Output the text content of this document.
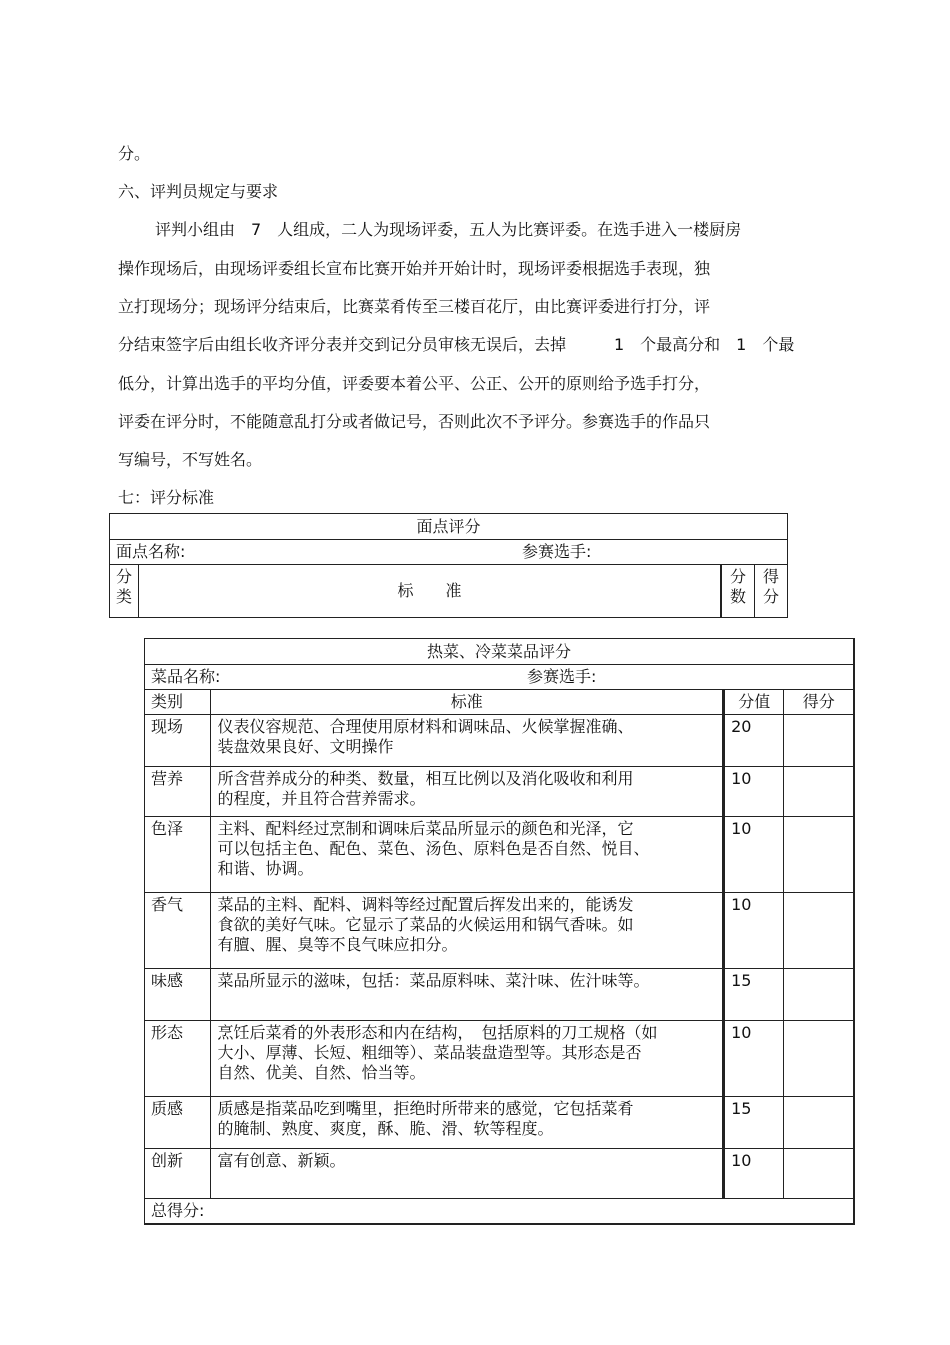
分。
六、评判员规定与要求
评判小组由　7　人组成，二人为现场评委，五人为比赛评委。在选手进入一楼厨房
操作现场后，由现场评委组长宣布比赛开始并开始计时，现场评委根据选手表现，独
立打现场分；现场评分结束后，比赛菜肴传至三楼百花厅，由比赛评委进行打分，评
分结束签字后由组长收齐评分表并交到记分员审核无误后，去掉　　　1　个最高分和　1　个最
低分，计算出选手的平均分值，评委要本着公平、公正、公开的原则给予选手打分，
评委在评分时，不能随意乱打分或者做记号，否则此次不予评分。参赛选手的作品只
写编号，不写姓名。
七：评分标准
面点评分
面点名称:	参赛选手:

分类	标　　准	分数	得分
热菜、冷菜菜品评分			
菜品名称: 参赛选手:			

类别	标准	分值	得分
现场	仪表仪容规范、合理使用原材料和调味品、火候掌握准确、
装盘效果良好、文明操作	20	
营养	所含营养成分的种类、数量，相互比例以及消化吸收和利用
的程度，并且符合营养需求。	10	
色泽	主料、配料经过烹制和调味后菜品所显示的颜色和光泽，它
可以包括主色、配色、菜色、汤色、原料色是否自然、悦目、
和谐、协调。	10	
香气	菜品的主料、配料、调料等经过配置后挥发出来的，能诱发
食欲的美好气味。它显示了菜品的火候运用和锅气香味。如
有膻、腥、臭等不良气味应扣分。	10	
味感	菜品所显示的滋味，包括：菜品原料味、菜汁味、佐汁味等。	15	
形态	烹饪后菜肴的外表形态和内在结构，　包括原料的刀工规格（如
大小、厚薄、长短、粗细等）、菜品装盘造型等。其形态是否
自然、优美、自然、恰当等。	10	
质感	质感是指菜品吃到嘴里，拒绝时所带来的感觉，它包括菜肴
的腌制、熟度、爽度，酥、脆、滑、软等程度。	15	
创新	富有创意、新颖。	10	
总得分:			
